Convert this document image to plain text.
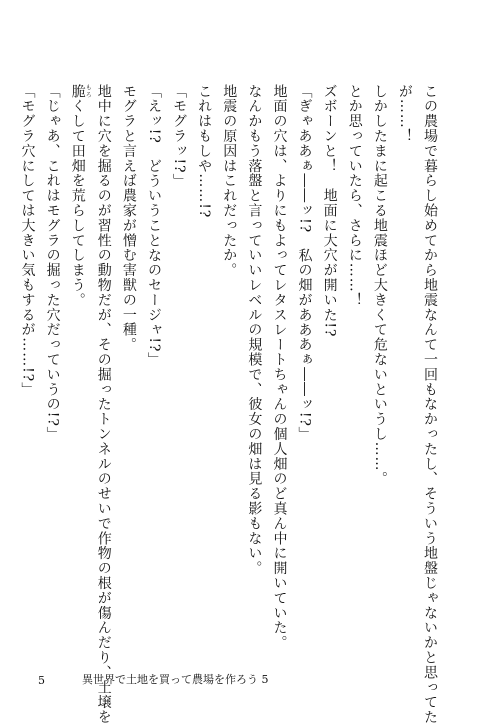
この農場で暮らし始めてから地震なんて一回もなかったし、そういう地盤じゃないかと思ってた

が……！

しかしたまに起こる地震ほど大きくて危ないというし……。

とか思っていたら、さらに……！

ズボーンと！　地面に大穴が開いた!?

「ぎゃああぁ――ッ!?　私の畑があああぁ――ッ!?」

地面の穴は、よりにもよってレタスレートちゃんの個人畑のど真ん中に開いていた。

なんかもう落盤と言っていいレベルの規模で、彼女の畑は見る影もない。

地震の原因はこれだったか。

これはもしや……!?

「モグラッ!?」

「えッ!?　どういうことなのセージャ!?」

モグラと言えば農家が憎む害獣の一種。

地中に穴を掘るのが習性の動物だが、その掘ったトンネルのせいで作物の根が傷んだり、土壌を

脆もろくして田畑を荒らしてしまう。

「じゃあ、これはモグラの掘った穴だっていうの!?」

「モグラ穴にしては大きい気もするが……!?」

5	異世界で土地を買って農場を作ろう 5
